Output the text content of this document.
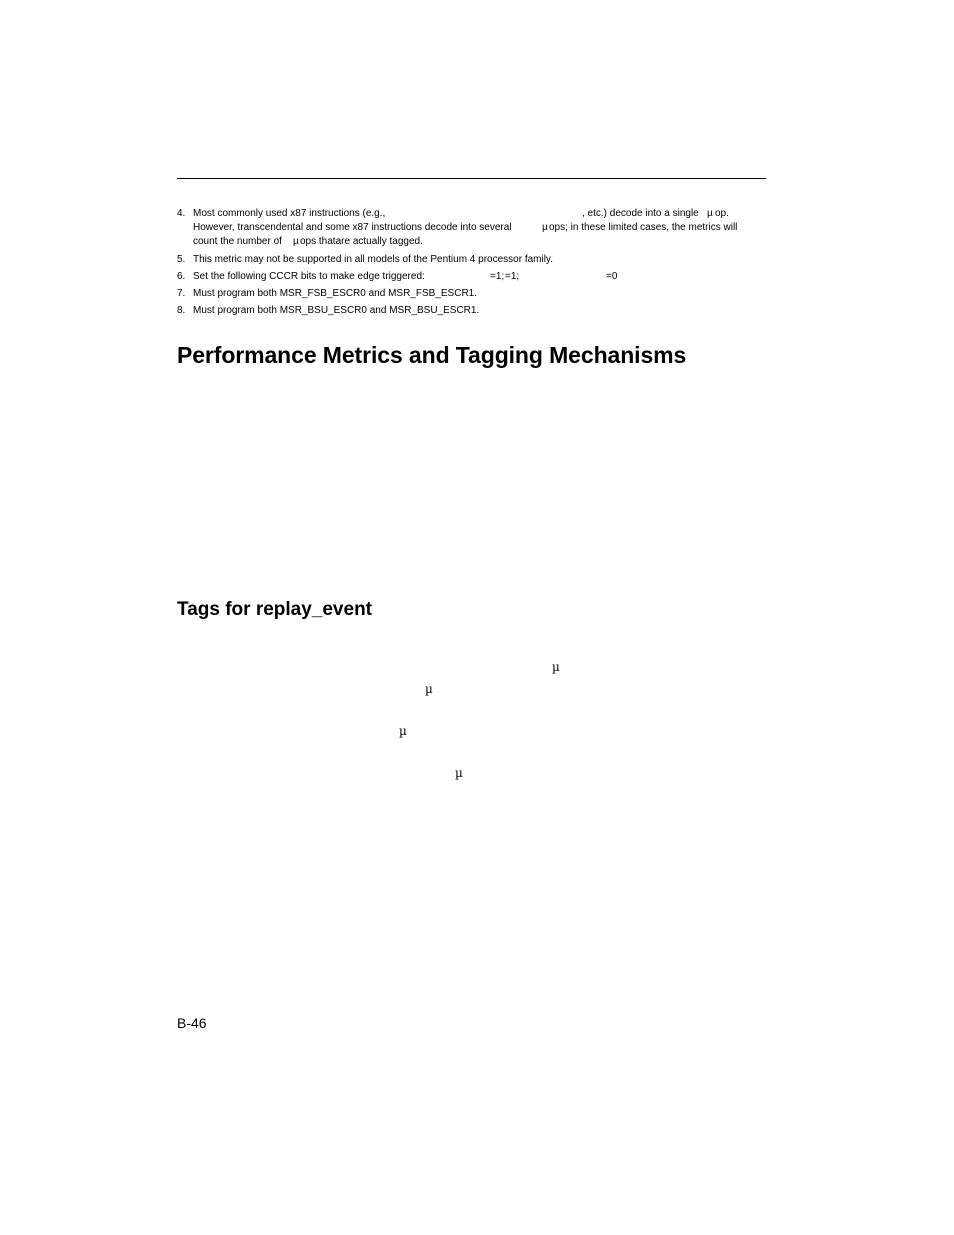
4. Most commonly used x87 instructions (e.g.,	, etc.) decode into a single µ op.
However, transcendental and some x87 instructions decode into several	µ ops; in these limited cases, the metrics will
count the number of µ ops thatare actually tagged.
5. This metric may not be supported in all models of the Pentium 4 processor family.
6. Set the following CCCR bits to make edge triggered:	=1; =1;	=0
7. Must program both MSR_FSB_ESCR0 and MSR_FSB_ESCR1.
8. Must program both MSR_BSU_ESCR0 and MSR_BSU_ESCR1.
Performance Metrics and Tagging Mechanisms
Tags for replay_event
µ
µ
µ
µ
B-46
